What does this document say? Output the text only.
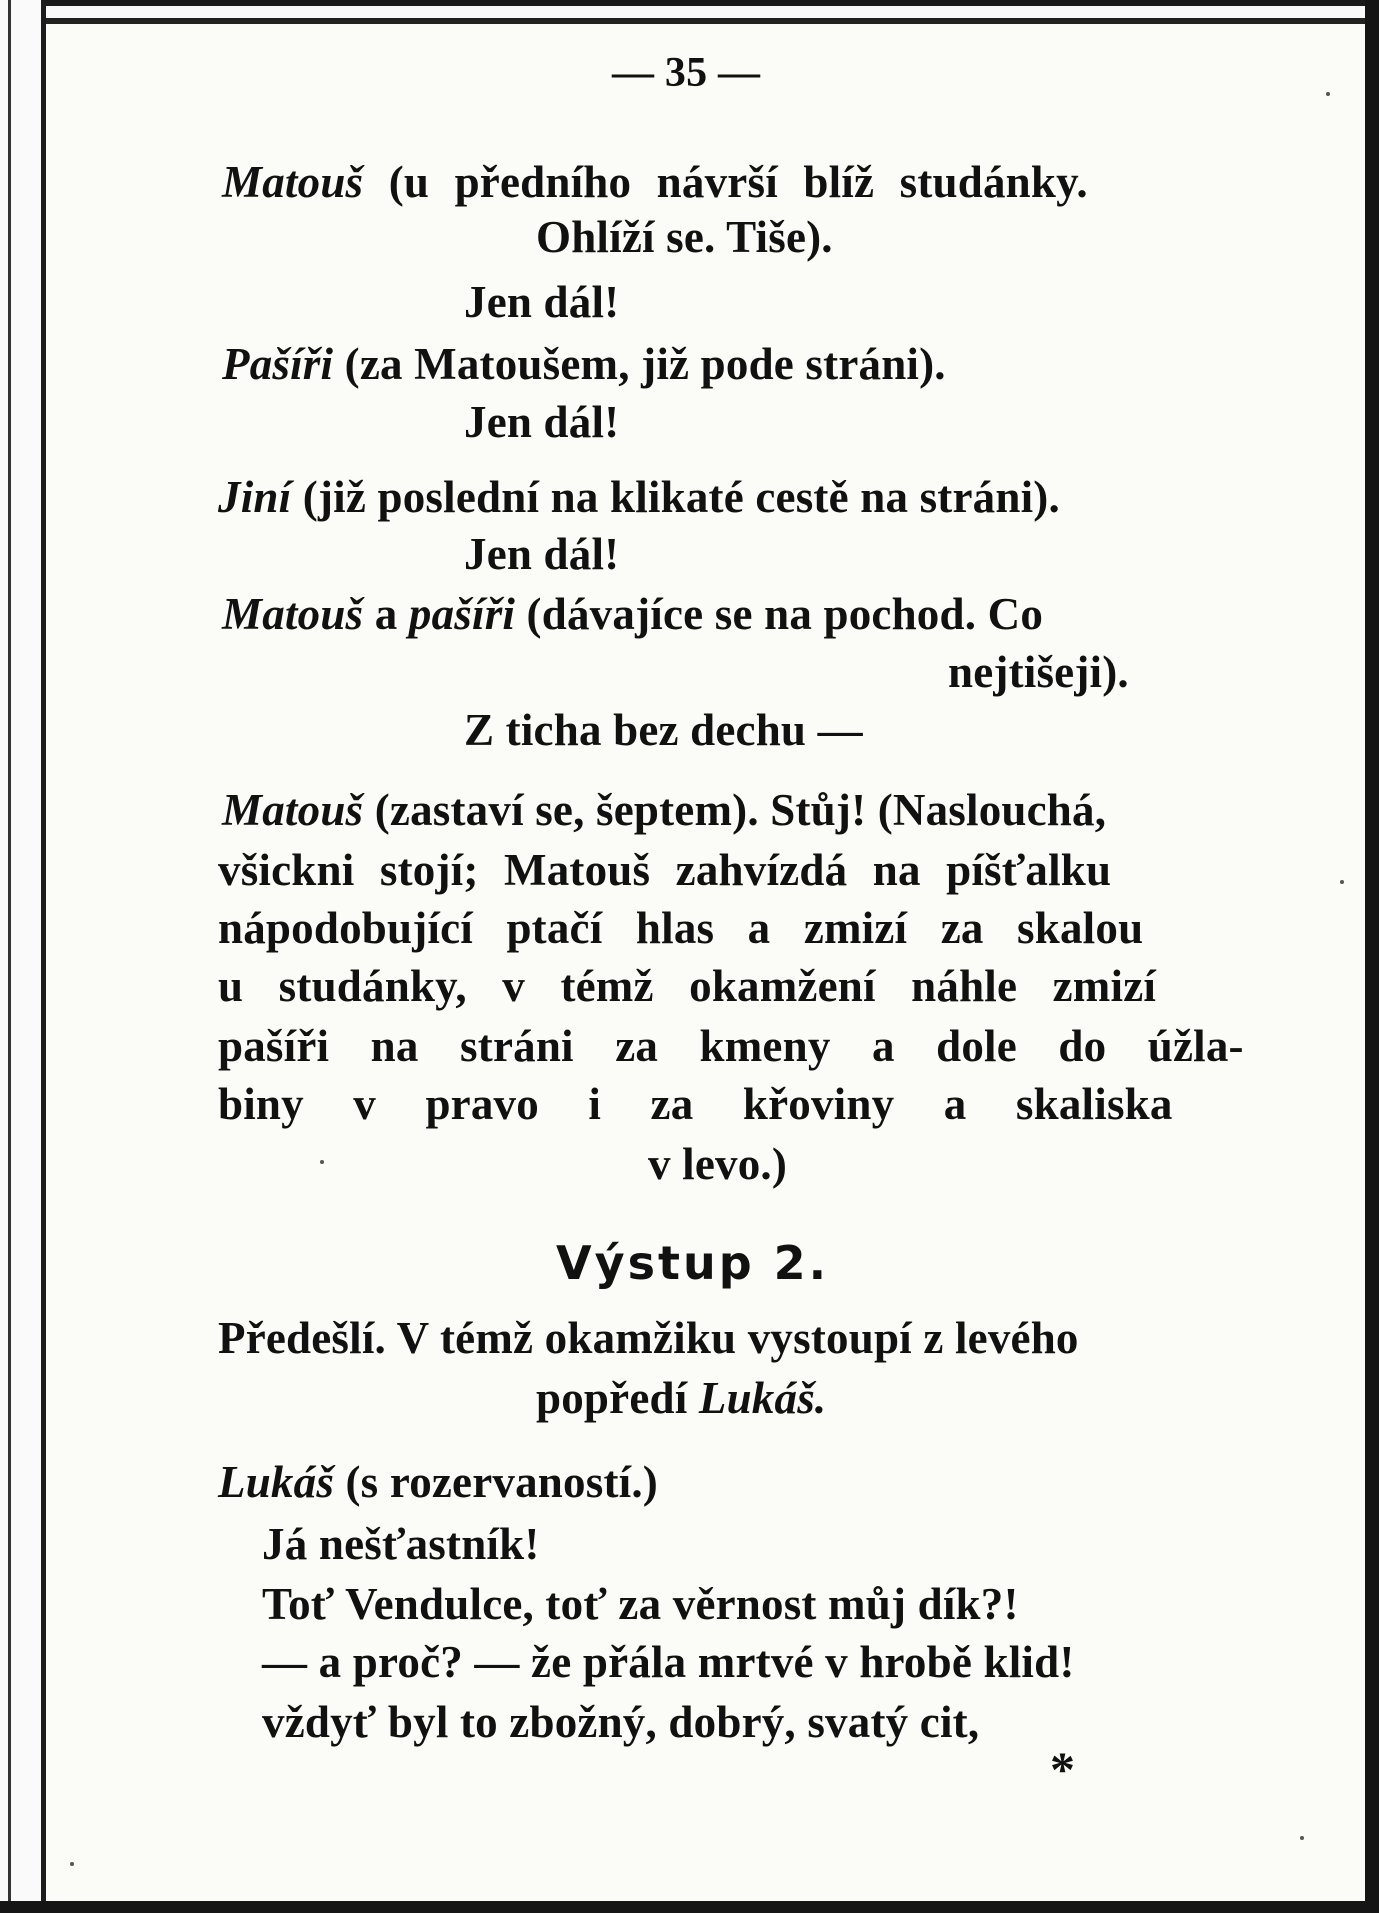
— 35 —
Matouš (u předního návrší blíž studánky.
Ohlíží se. Tiše).
Jen dál!
Pašíři (za Matoušem, již pode stráni).
Jen dál!
Jiní (již poslední na klikaté cestě na stráni).
Jen dál!
Matouš a pašíři (dávajíce se na pochod. Co
nejtišeji).
Z ticha bez dechu —
Matouš (zastaví se, šeptem). Stůj! (Naslouchá,
všickni stojí; Matouš zahvízdá na píšťalku
nápodobující ptačí hlas a zmizí za skalou
u studánky, v témž okamžení náhle zmizí
pašíři na stráni za kmeny a dole do úžla-
biny v pravo i za křoviny a skaliska
v levo.)
Výstup 2.
Předešlí. V témž okamžiku vystoupí z levého
popředí Lukáš.
Lukáš (s rozervaností.)
Já nešťastník!
Toť Vendulce, toť za věrnost můj dík?!
— a proč? — že přála mrtvé v hrobě klid!
vždyť byl to zbožný, dobrý, svatý cit,
*
